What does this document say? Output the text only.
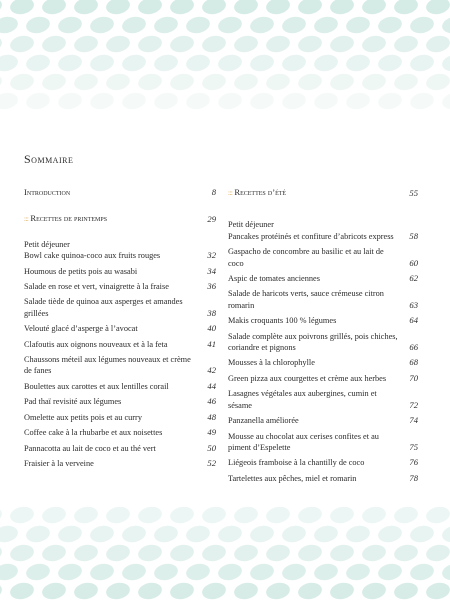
Sommaire
Introduction	8
::: Recettes de printemps	29
Petit déjeuner
Bowl cake quinoa-coco aux fruits rouges	32
Houmous de petits pois au wasabi	34
Salade en rose et vert, vinaigrette à la fraise	36
Salade tiède de quinoa aux asperges et amandes grillées	38
Velouté glacé d’asperge à l’avocat	40
Clafoutis aux oignons nouveaux et à la feta	41
Chaussons méteil aux légumes nouveaux et crème de fanes	42
Boulettes aux carottes et aux lentilles corail	44
Pad thaï revisité aux légumes	46
Omelette aux petits pois et au curry	48
Coffee cake à la rhubarbe et aux noisettes	49
Pannacotta au lait de coco et au thé vert	50
Fraisier à la verveine	52
::: Recettes d’été	55
Petit déjeuner
Pancakes protéinés et confiture d’abricots express	58
Gaspacho de concombre au basilic et au lait de coco	60
Aspic de tomates anciennes	62
Salade de haricots verts, sauce crémeuse citron romarin	63
Makis croquants 100 % légumes	64
Salade complète aux poivrons grillés, pois chiches, coriandre et pignons	66
Mousses à la chlorophylle	68
Green pizza aux courgettes et crème aux herbes	70
Lasagnes végétales aux aubergines, cumin et sésame	72
Panzanella améliorée	74
Mousse au chocolat aux cerises confites et au piment d’Espelette	75
Liégeois framboise à la chantilly de coco	76
Tartelettes aux pêches, miel et romarin	78
